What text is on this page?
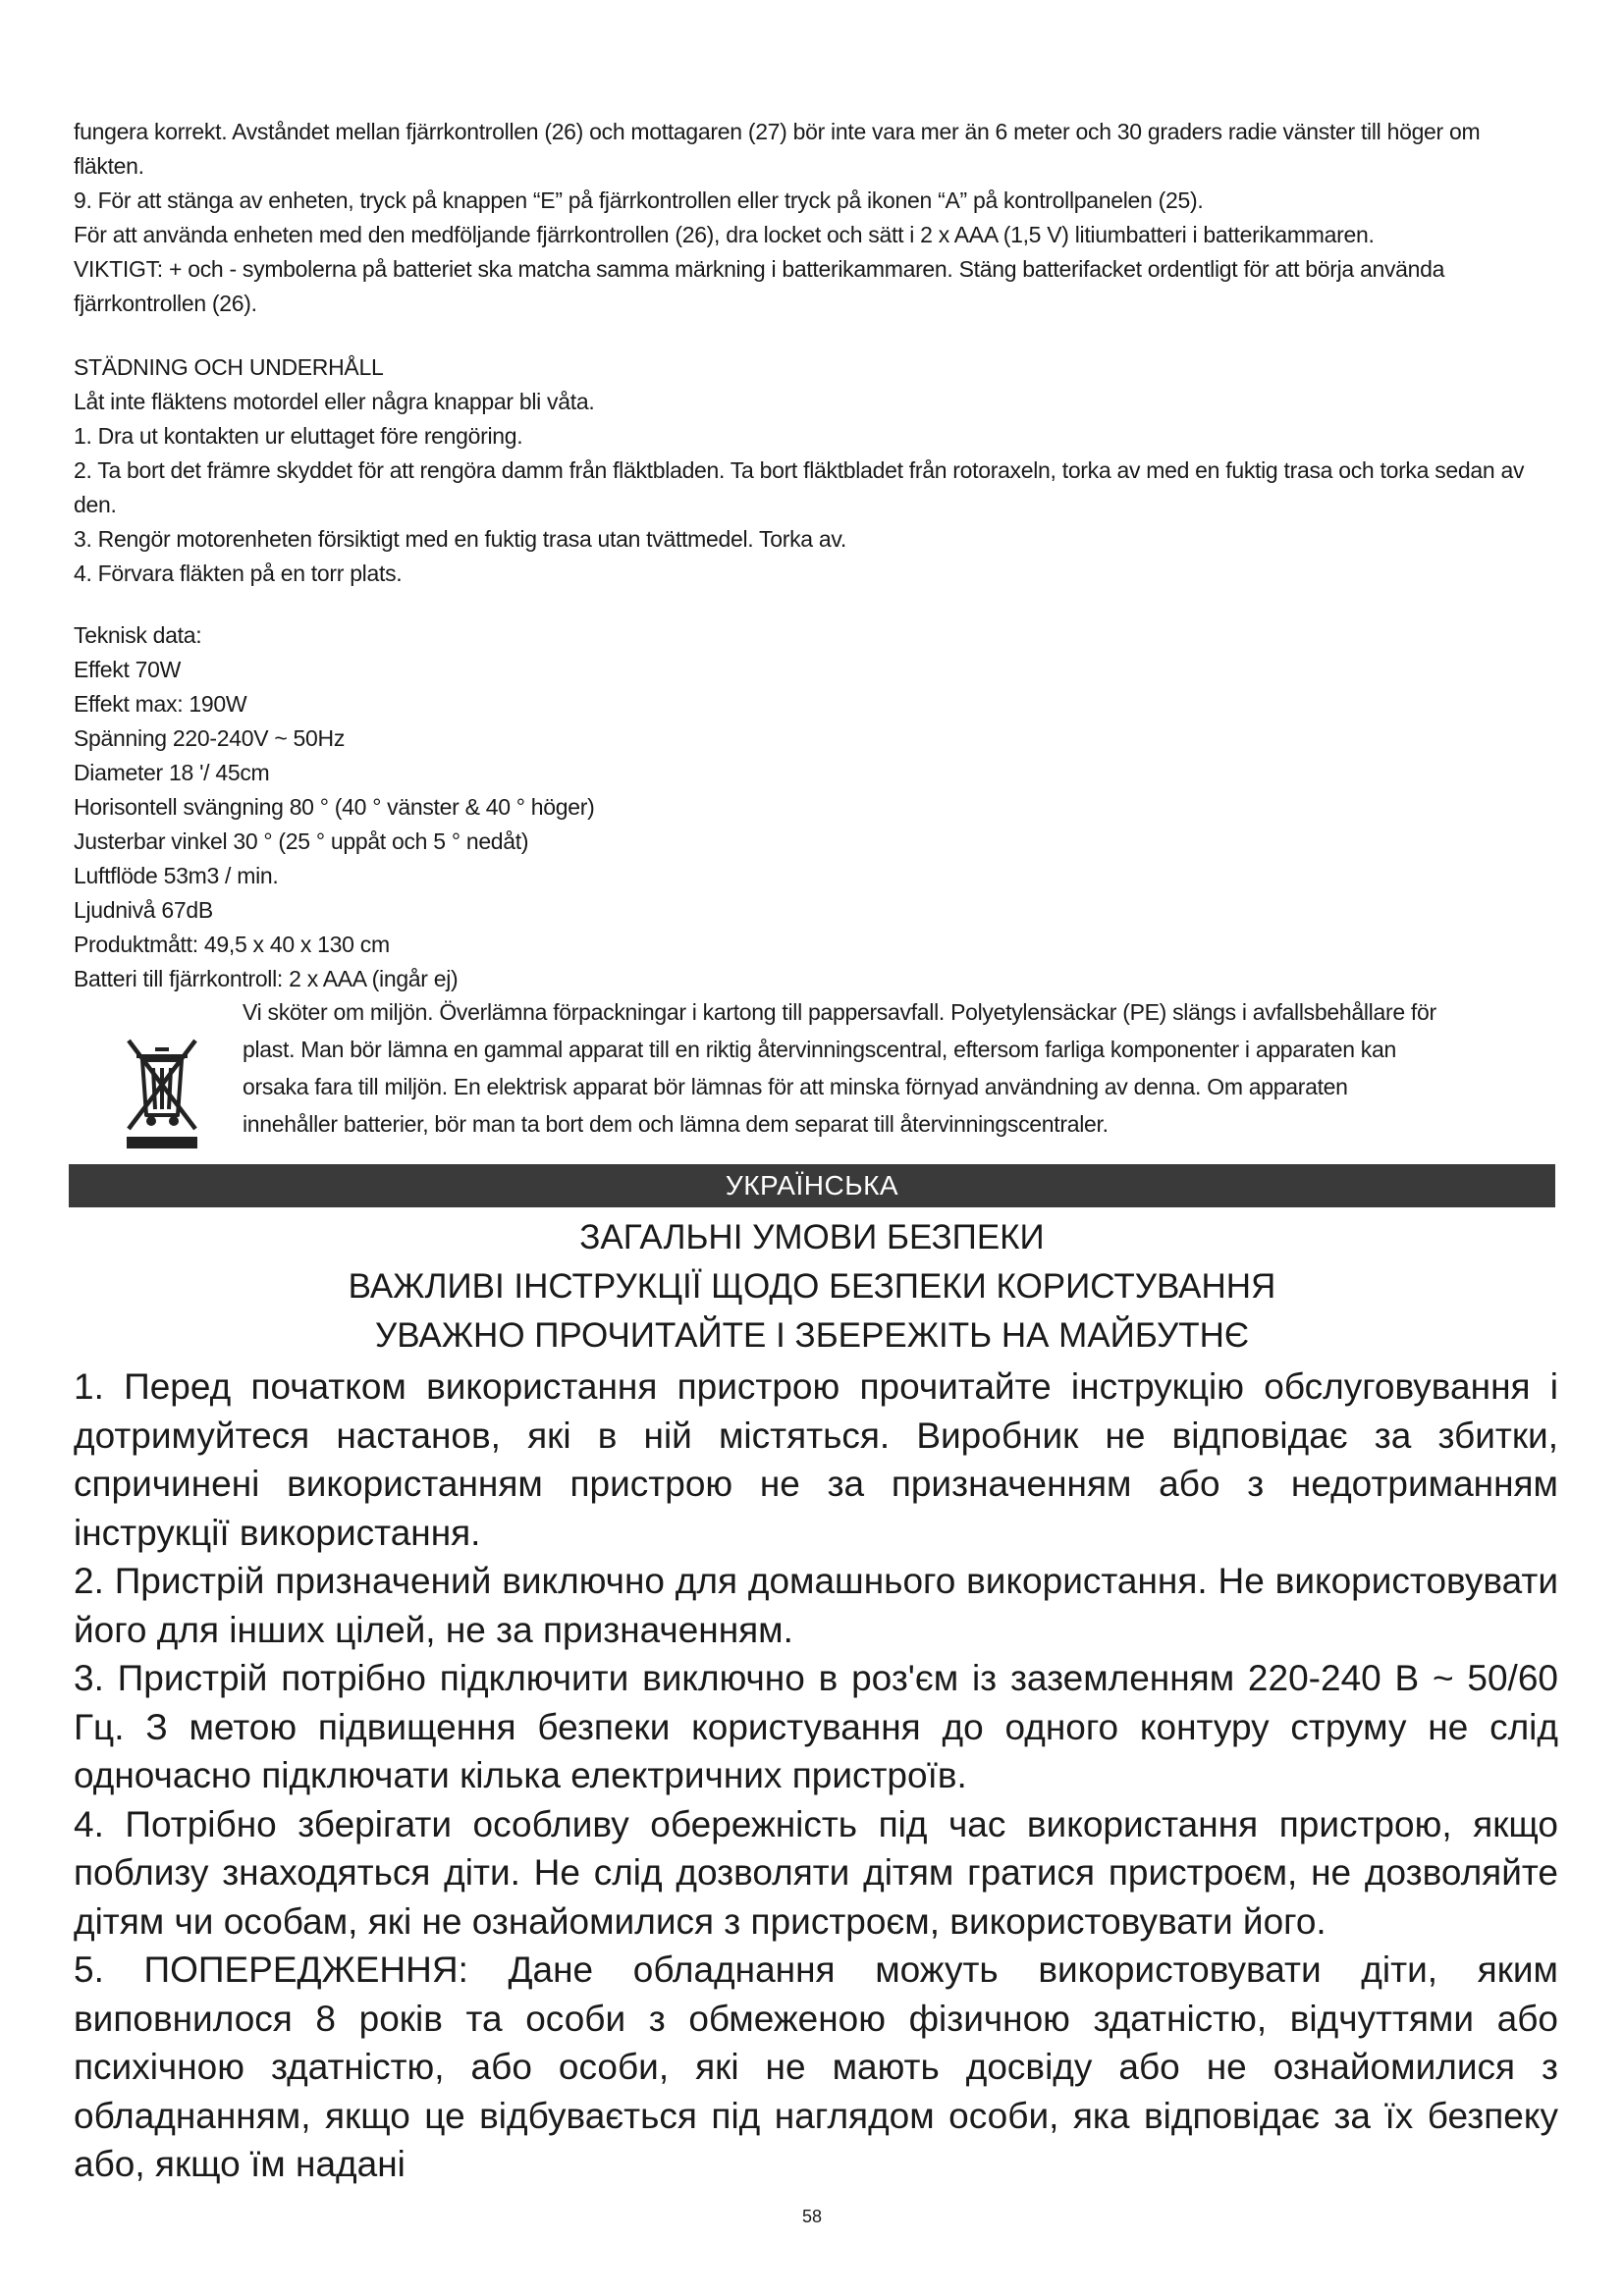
fungera korrekt. Avståndet mellan fjärrkontrollen (26) och mottagaren (27) bör inte vara mer än 6 meter och 30 graders radie vänster till höger om fläkten.

9. För att stänga av enheten, tryck på knappen “E” på fjärrkontrollen eller tryck på ikonen “A” på kontrollpanelen (25).

För att använda enheten med den medföljande fjärrkontrollen (26), dra locket och sätt i 2 x AAA (1,5 V) litiumbatteri i batterikammaren.

VIKTIGT: + och - symbolerna på batteriet ska matcha samma märkning i batterikammaren. Stäng batterifacket ordentligt för att börja använda fjärrkontrollen (26).

STÄDNING OCH UNDERHÅLL

Låt inte fläktens motordel eller några knappar bli våta.

1. Dra ut kontakten ur eluttaget före rengöring.

2. Ta bort det främre skyddet för att rengöra damm från fläktbladen. Ta bort fläktbladet från rotoraxeln, torka av med en fuktig trasa och torka sedan av den.

3. Rengör motorenheten försiktigt med en fuktig trasa utan tvättmedel. Torka av.

4. Förvara fläkten på en torr plats.

Teknisk data:

Effekt 70W

Effekt max: 190W

Spänning 220-240V ~ 50Hz

Diameter 18 '/ 45cm

Horisontell svängning 80 ° (40 ° vänster & 40 ° höger)

Justerbar vinkel 30 ° (25 ° uppåt och 5 ° nedåt)

Luftflöde 53m3 / min.

Ljudnivå 67dB

Produktmått: 49,5 x 40 x 130 cm

Batteri till fjärrkontroll: 2 x AAA (ingår ej)

Vi sköter om miljön. Överlämna förpackningar i kartong till pappersavfall. Polyetylensäckar (PE) slängs i avfallsbehållare för

plast. Man bör lämna en gammal apparat till en riktig återvinningscentral, eftersom farliga komponenter i apparaten kan

orsaka fara till miljön. En elektrisk apparat bör lämnas för att minska förnyad användning av denna. Om apparaten

innehåller batterier, bör man ta bort dem och lämna dem separat till återvinningscentraler.

УКРАЇНСЬКА
ЗАГАЛЬНІ УМОВИ БЕЗПЕКИ
ВАЖЛИВІ ІНСТРУКЦІЇ ЩОДО БЕЗПЕКИ КОРИСТУВАННЯ
УВАЖНО ПРОЧИТАЙТЕ І ЗБЕРЕЖІТЬ НА МАЙБУТНЄ

1. Перед початком використання пристрою прочитайте інструкцію обслуговування і дотримуйтеся настанов, які в ній містяться. Виробник не відповідає за збитки, спричинені використанням пристрою не за призначенням або з недотриманням інструкції використання.

2. Пристрій призначений виключно для домашнього використання. Не використовувати його для інших цілей, не за призначенням.

3. Пристрій потрібно підключити виключно в роз'єм із заземленням 220-240 В ~ 50/60 Гц. З метою підвищення безпеки користування до одного контуру струму не слід одночасно підключати кілька електричних пристроїв.

4. Потрібно зберігати особливу обережність під час використання пристрою, якщо поблизу знаходяться діти. Не слід дозволяти дітям гратися пристроєм, не дозволяйте дітям чи особам, які не ознайомилися з пристроєм, використовувати його.

5. ПОПЕРЕДЖЕННЯ: Дане обладнання можуть використовувати діти, яким виповнилося 8 років та особи з обмеженою фізичною здатністю, відчуттями або психічною здатністю, або особи, які не мають досвіду або не ознайомилися з обладнанням, якщо це відбувається під наглядом особи, яка відповідає за їх безпеку або, якщо їм надані

58
